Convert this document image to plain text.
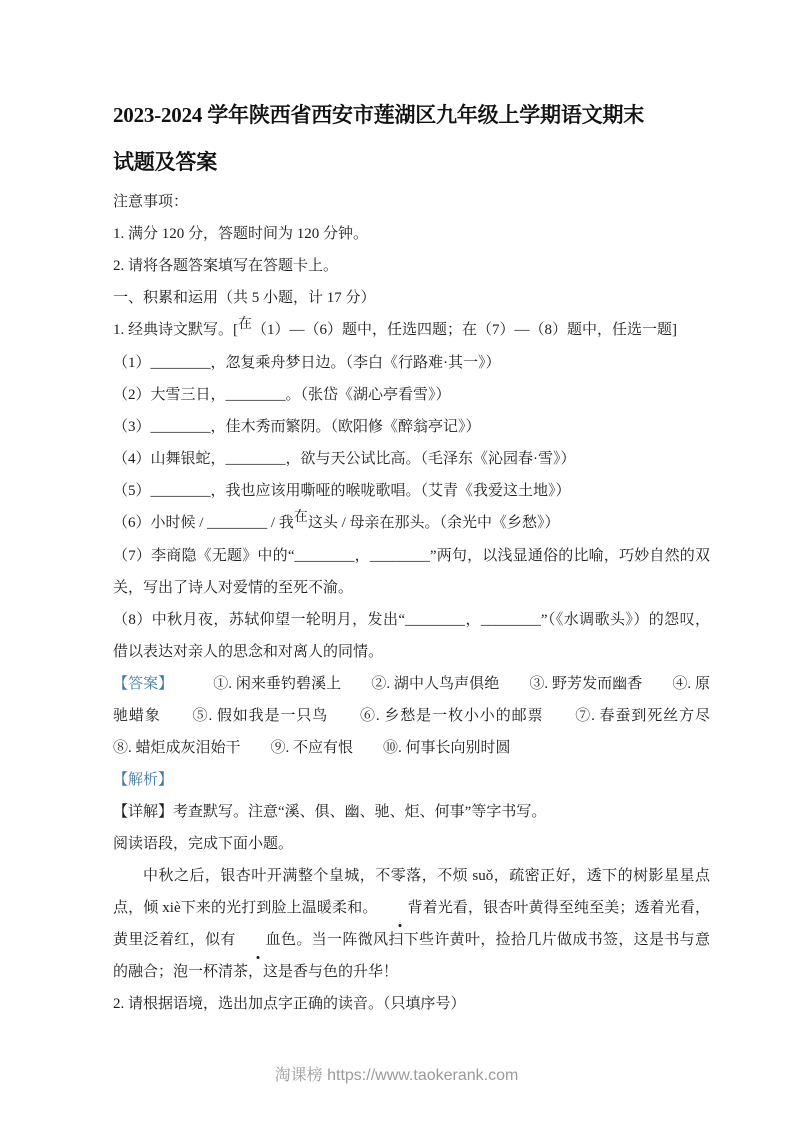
2023-2024 学年陕西省西安市莲湖区九年级上学期语文期末
试题及答案

注意事项：

1. 满分 120 分，答题时间为 120 分钟。

2. 请将各题答案填写在答题卡上。

一、积累和运用（共 5 小题，计 17 分）

1. 经典诗文默写。[在（1）—（6）题中，任选四题；在（7）—（8）题中，任选一题]

（1）________，忽复乘舟梦日边。（李白《行路难·其一》）

（2）大雪三日，________。（张岱《湖心亭看雪》）

（3）________，佳木秀而繁阴。（欧阳修《醉翁亭记》）

（4）山舞银蛇，________，欲与天公试比高。（毛泽东《沁园春·雪》）

（5）________，我也应该用嘶哑的喉咙歌唱。（艾青《我爱这土地》）

（6）小时候 / ________ / 我在这头 / 母亲在那头。（余光中《乡愁》）

（7）李商隐《无题》中的“________，________”两句，以浅显通俗的比喻，巧妙自然的双关，写出了诗人对爱情的至死不渝。

（8）中秋月夜，苏轼仰望一轮明月，发出“________，________”（《水调歌头》）的怨叹，借以表达对亲人的思念和对离人的同情。

【答案】	①. 闲来垂钓碧溪上　　②. 湖中人鸟声俱绝　　③. 野芳发而幽香　　④. 原驰蜡象　　⑤. 假如我是一只鸟　　⑥. 乡愁是一枚小小的邮票　　⑦. 春蚕到死丝方尽　　⑧. 蜡炬成灰泪始干　　⑨. 不应有恨　　⑩. 何事长向别时圆

【解析】

【详解】考查默写。注意“溪、俱、幽、驰、炬、何事”等字书写。

阅读语段，完成下面小题。

中秋之后，银杏叶开满整个皇城，不零落，不烦 suǒ，疏密正好，透下的树影星星点点，倾 xiè下来的光打到脸上温暖柔和。 背着光看，银杏叶黄得至纯至美；透着光看，黄里泛着红，似有 血色。当一阵微风扫下些许黄叶，捡拾几片做成书签，这是书与意的融合；泡一杯清茶，这是香与色的升华！

2. 请根据语境，选出加点字正确的读音。（只填序号）

淘课榜 https://www.taokerank.com
